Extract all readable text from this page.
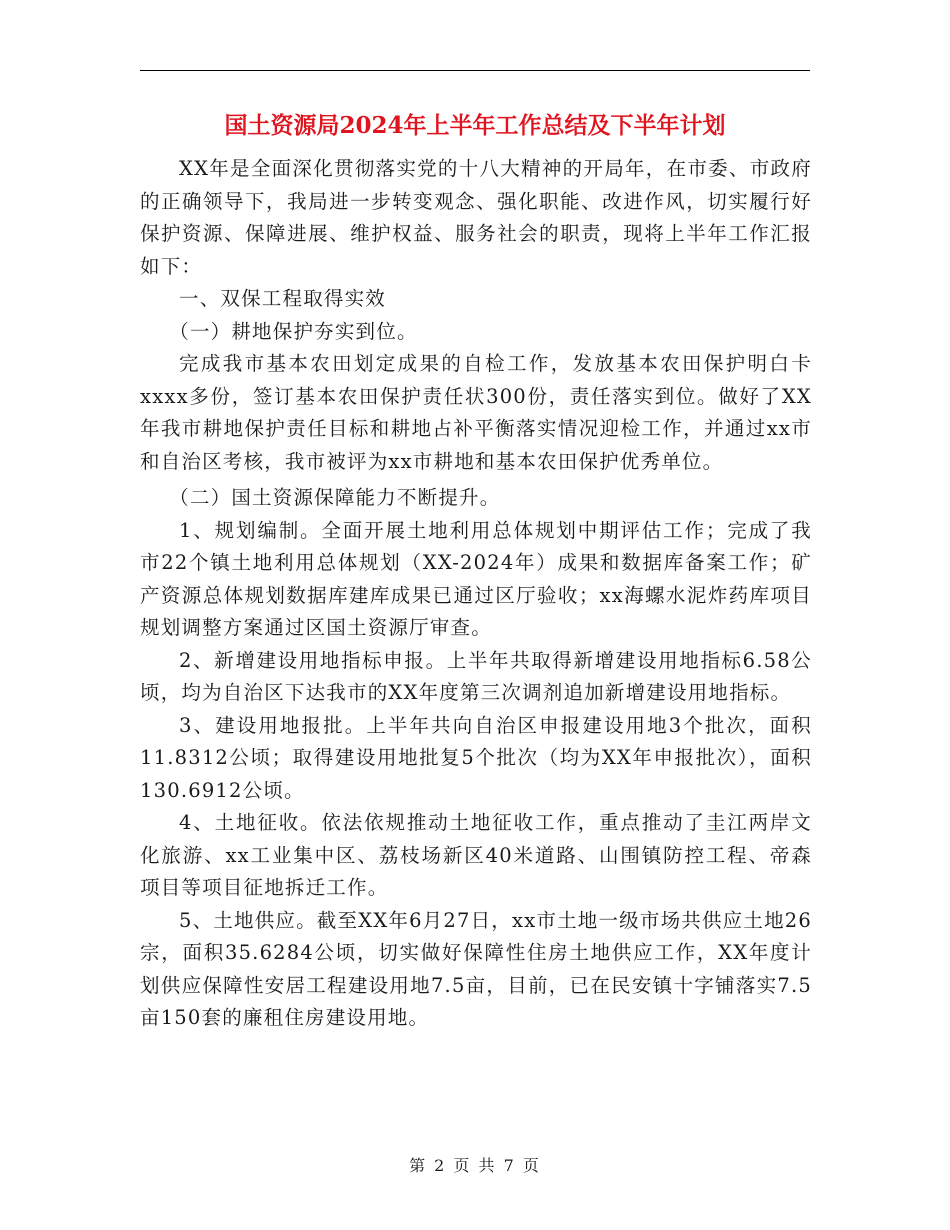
国土资源局2024年上半年工作总结及下半年计划

XX年是全面深化贯彻落实党的十八大精神的开局年，在市委、市政府的正确领导下，我局进一步转变观念、强化职能、改进作风，切实履行好保护资源、保障进展、维护权益、服务社会的职责，现将上半年工作汇报如下：

一、双保工程取得实效

（一）耕地保护夯实到位。

完成我市基本农田划定成果的自检工作，发放基本农田保护明白卡xxxx多份，签订基本农田保护责任状300份，责任落实到位。做好了XX年我市耕地保护责任目标和耕地占补平衡落实情况迎检工作，并通过xx市和自治区考核，我市被评为xx市耕地和基本农田保护优秀单位。

（二）国土资源保障能力不断提升。

1、规划编制。全面开展土地利用总体规划中期评估工作；完成了我市22个镇土地利用总体规划（XX-2024年）成果和数据库备案工作；矿产资源总体规划数据库建库成果已通过区厅验收；xx海螺水泥炸药库项目规划调整方案通过区国土资源厅审查。

2、新增建设用地指标申报。上半年共取得新增建设用地指标6.58公顷，均为自治区下达我市的XX年度第三次调剂追加新增建设用地指标。

3、建设用地报批。上半年共向自治区申报建设用地3个批次，面积11.8312公顷；取得建设用地批复5个批次（均为XX年申报批次），面积130.6912公顷。

4、土地征收。依法依规推动土地征收工作，重点推动了圭江两岸文化旅游、xx工业集中区、荔枝场新区40米道路、山围镇防控工程、帝森项目等项目征地拆迁工作。

5、土地供应。截至XX年6月27日，xx市土地一级市场共供应土地26宗，面积35.6284公顷，切实做好保障性住房土地供应工作，XX年度计划供应保障性安居工程建设用地7.5亩，目前，已在民安镇十字铺落实7.5亩150套的廉租住房建设用地。

第 2 页 共 7 页
